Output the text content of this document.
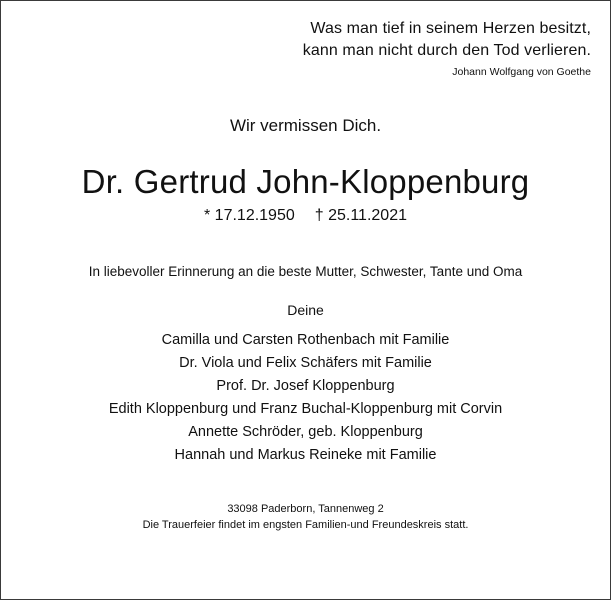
Was man tief in seinem Herzen besitzt,
kann man nicht durch den Tod verlieren.
Johann Wolfgang von Goethe
Wir vermissen Dich.
Dr. Gertrud John-Kloppenburg
* 17.12.1950 † 25.11.2021
In liebevoller Erinnerung an die beste Mutter, Schwester, Tante und Oma
Deine
Camilla und Carsten Rothenbach mit Familie
Dr. Viola und Felix Schäfers mit Familie
Prof. Dr. Josef Kloppenburg
Edith Kloppenburg und Franz Buchal-Kloppenburg mit Corvin
Annette Schröder, geb. Kloppenburg
Hannah und Markus Reineke mit Familie
33098 Paderborn, Tannenweg 2
Die Trauerfeier findet im engsten Familien-und Freundeskreis statt.
